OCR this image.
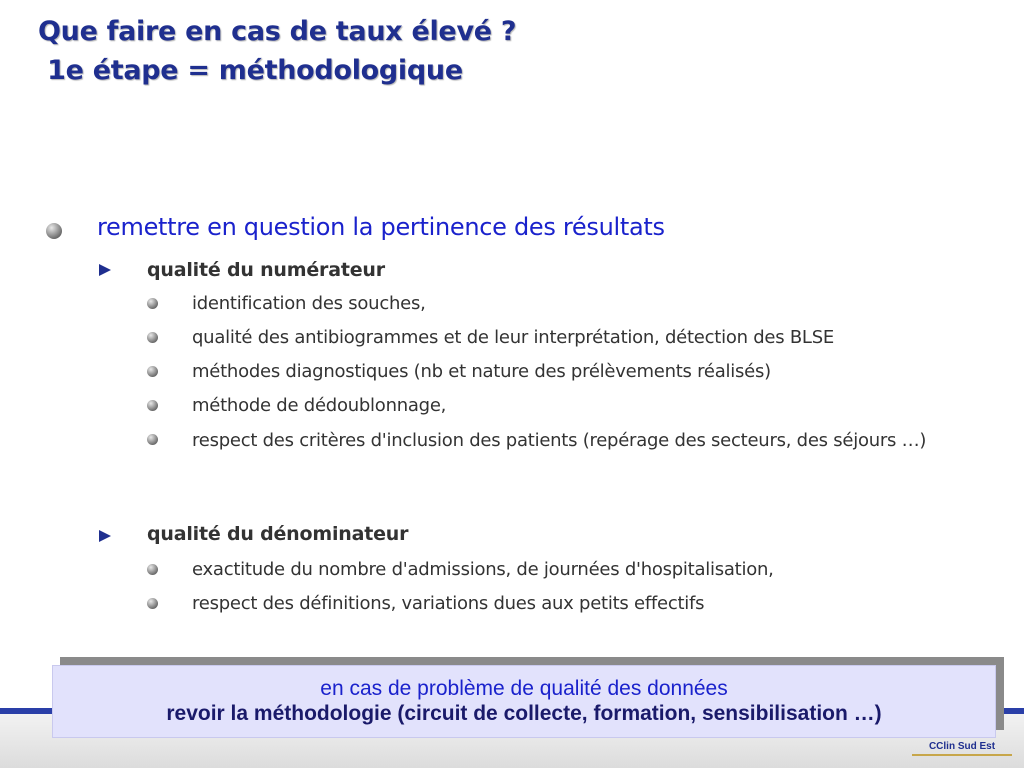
Que faire en cas de taux élevé ?
1e étape = méthodologique
remettre en question la pertinence des résultats
qualité du numérateur
identification des souches,
qualité des antibiogrammes et de leur interprétation, détection des BLSE
méthodes diagnostiques (nb et nature des prélèvements réalisés)
méthode de dédoublonnage,
respect des critères d'inclusion des patients (repérage des secteurs, des séjours …)
qualité du dénominateur
exactitude du nombre d'admissions, de journées d'hospitalisation,
respect des définitions, variations dues aux petits effectifs
en cas de problème de qualité des données
revoir la méthodologie (circuit de collecte, formation, sensibilisation …)
CClin Sud Est
